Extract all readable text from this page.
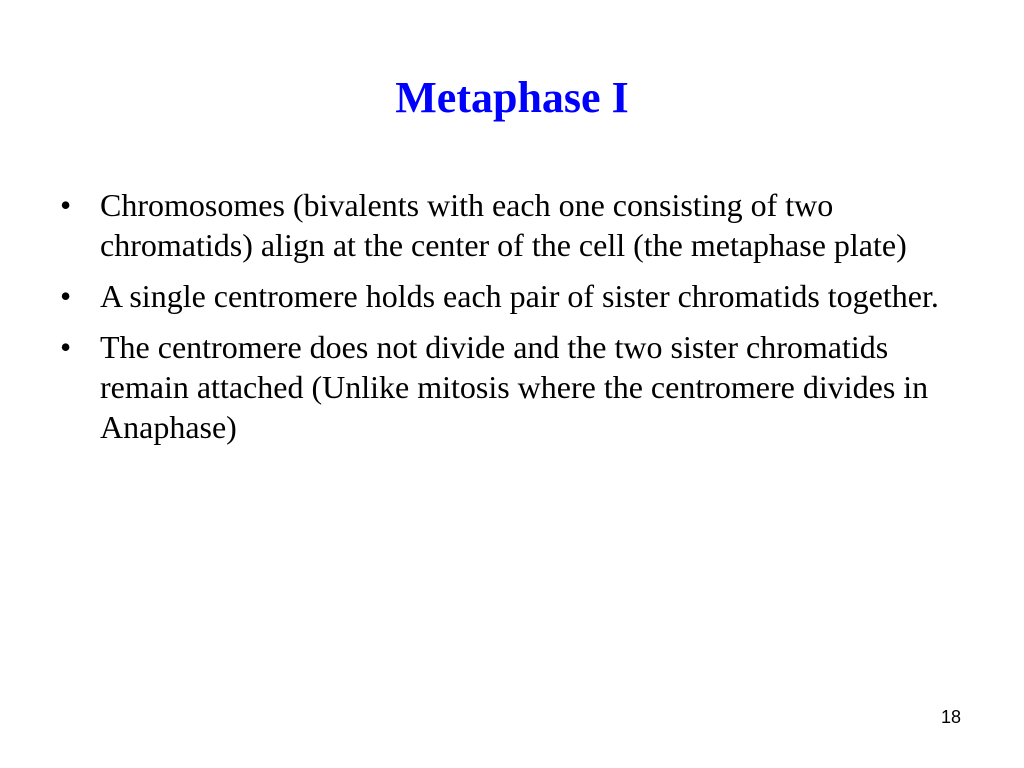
Metaphase I
• Chromosomes (bivalents with each one consisting of two chromatids) align at the center of the cell (the metaphase plate)
• A single centromere holds each pair of sister chromatids together.
• The centromere does not divide and the two sister chromatids remain attached (Unlike mitosis where the centromere divides in Anaphase)
18
